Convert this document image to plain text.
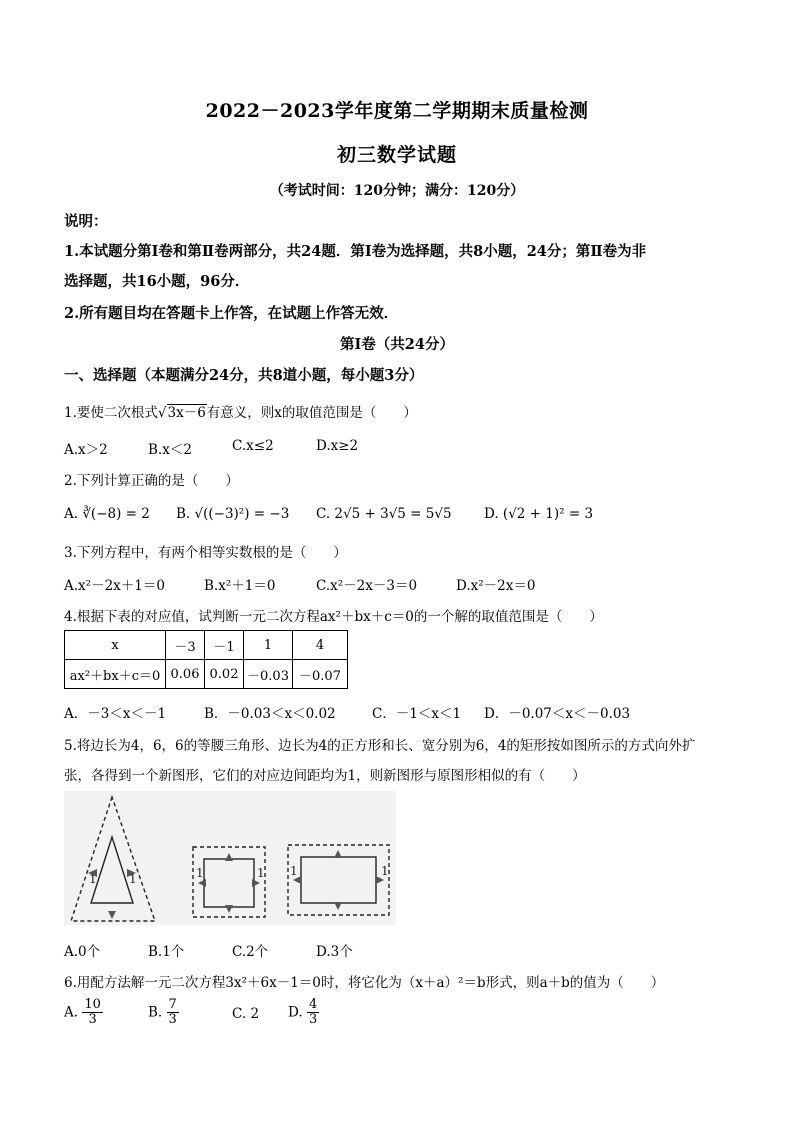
2022－2023学年度第二学期期末质量检测
初三数学试题
（考试时间：120分钟；满分：120分）
说明：
1.本试题分第Ⅰ卷和第Ⅱ卷两部分，共24题．第Ⅰ卷为选择题，共8小题，24分；第Ⅱ卷为非
选择题，共16小题，96分．
2.所有题目均在答题卡上作答，在试题上作答无效．
第Ⅰ卷（共24分）
一、选择题（本题满分24分，共8道小题，每小题3分）
1.要使二次根式√3x－6有意义，则x的取值范围是（　　）
A.x＞2	B.x＜2	C.x≤2	D.x≥2
2.下列计算正确的是（　　）
A. ∛(−8) = 2 B. √((−3)²) = −3 C. 2√5 + 3√5 = 5√5 D. (√2 + 1)² = 3
3.下列方程中，有两个相等实数根的是（　　）
A.x²－2x＋1＝0	B.x²＋1＝0	C.x²－2x－3＝0	D.x²－2x＝0
4.根据下表的对应值，试判断一元二次方程ax²＋bx＋c＝0的一个解的取值范围是（　　）
x	－3	－1	1	4
ax²＋bx＋c＝0	0.06	0.02	－0.03	－0.07
A．－3＜x＜－1	B．－0.03＜x＜0.02	C．－1＜x＜1 D．－0.07＜x＜－0.03
5.将边长为4，6，6的等腰三角形、边长为4的正方形和长、宽分别为6，4的矩形按如图所示的方式向外扩
张，各得到一个新图形，它们的对应边间距均为1，则新图形与原图形相似的有（　　）
1	1	1	1 1	1
A.0个	B.1个	C.2个	D.3个
6.用配方法解一元二次方程3x²＋6x－1＝0时，将它化为（x＋a）²＝b形式，则a＋b的值为（　　）
A. $\frac{10}{3}$	B. $\frac{7}{3}$	C. 2 D. $\frac{4}{3}$
